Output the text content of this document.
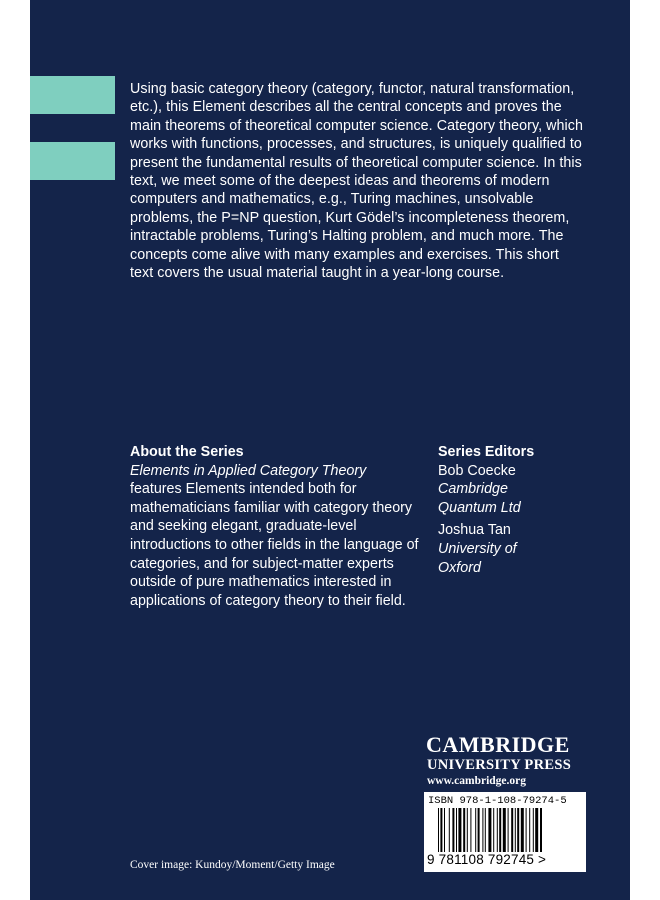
Using basic category theory (category, functor, natural transformation, etc.), this Element describes all the central concepts and proves the main theorems of theoretical computer science. Category theory, which works with functions, processes, and structures, is uniquely qualified to present the fundamental results of theoretical computer science. In this text, we meet some of the deepest ideas and theorems of modern computers and mathematics, e.g., Turing machines, unsolvable problems, the P=NP question, Kurt Gödel’s incompleteness theorem, intractable problems, Turing’s Halting problem, and much more. The concepts come alive with many examples and exercises. This short text covers the usual material taught in a year-long course.
About the Series
Elements in Applied Category Theory
features Elements intended both for mathematicians familiar with category theory and seeking elegant, graduate-level introductions to other fields in the language of categories, and for subject-matter experts outside of pure mathematics interested in applications of category theory to their field.
Series Editors
Bob Coecke
Cambridge
Quantum Ltd
Joshua Tan
University of
Oxford
CAMBRIDGE
UNIVERSITY PRESS
www.cambridge.org
ISBN 978-1-108-79274-5
9 781108 792745 >
Cover image: Kundoy/Moment/Getty Image
